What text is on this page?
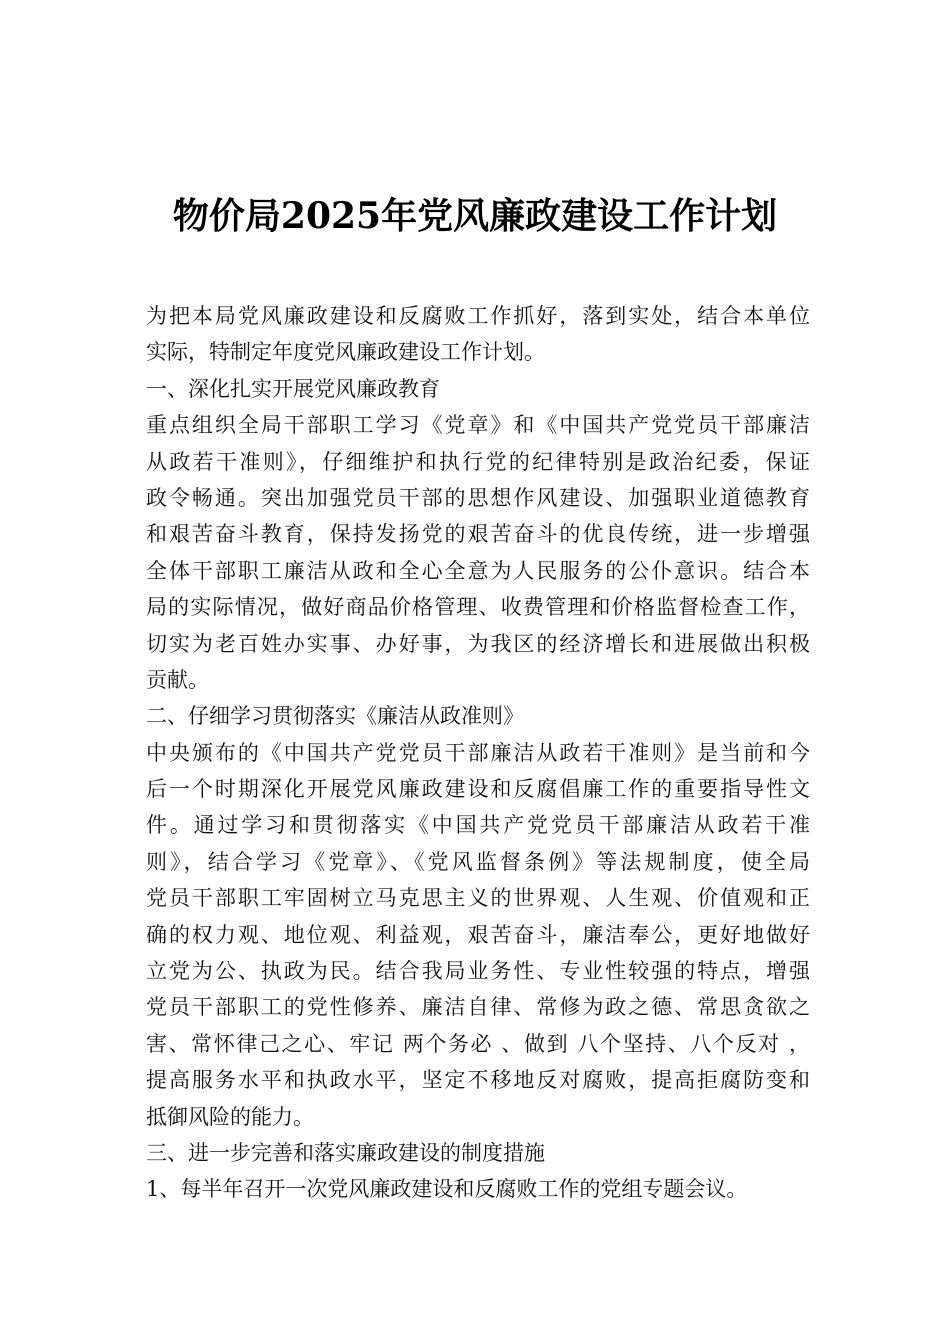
物价局2025年党风廉政建设工作计划
为把本局党风廉政建设和反腐败工作抓好，落到实处，结合本单位
实际，特制定年度党风廉政建设工作计划。
一、深化扎实开展党风廉政教育
重点组织全局干部职工学习《党章》和《中国共产党党员干部廉洁
从政若干准则》，仔细维护和执行党的纪律特别是政治纪委，保证
政令畅通。突出加强党员干部的思想作风建设、加强职业道德教育
和艰苦奋斗教育，保持发扬党的艰苦奋斗的优良传统，进一步增强
全体干部职工廉洁从政和全心全意为人民服务的公仆意识。结合本
局的实际情况，做好商品价格管理、收费管理和价格监督检查工作，
切实为老百姓办实事、办好事，为我区的经济增长和进展做出积极
贡献。
二、仔细学习贯彻落实《廉洁从政准则》
中央颁布的《中国共产党党员干部廉洁从政若干准则》是当前和今
后一个时期深化开展党风廉政建设和反腐倡廉工作的重要指导性文
件。通过学习和贯彻落实《中国共产党党员干部廉洁从政若干准
则》，结合学习《党章》、《党风监督条例》等法规制度，使全局
党员干部职工牢固树立马克思主义的世界观、人生观、价值观和正
确的权力观、地位观、利益观，艰苦奋斗，廉洁奉公，更好地做好
立党为公、执政为民。结合我局业务性、专业性较强的特点，增强
党员干部职工的党性修养、廉洁自律、常修为政之德、常思贪欲之
害、常怀律己之心、牢记 两个务必 、做到 八个坚持、八个反对 ，
提高服务水平和执政水平，坚定不移地反对腐败，提高拒腐防变和
抵御风险的能力。
三、进一步完善和落实廉政建设的制度措施
1、每半年召开一次党风廉政建设和反腐败工作的党组专题会议。
